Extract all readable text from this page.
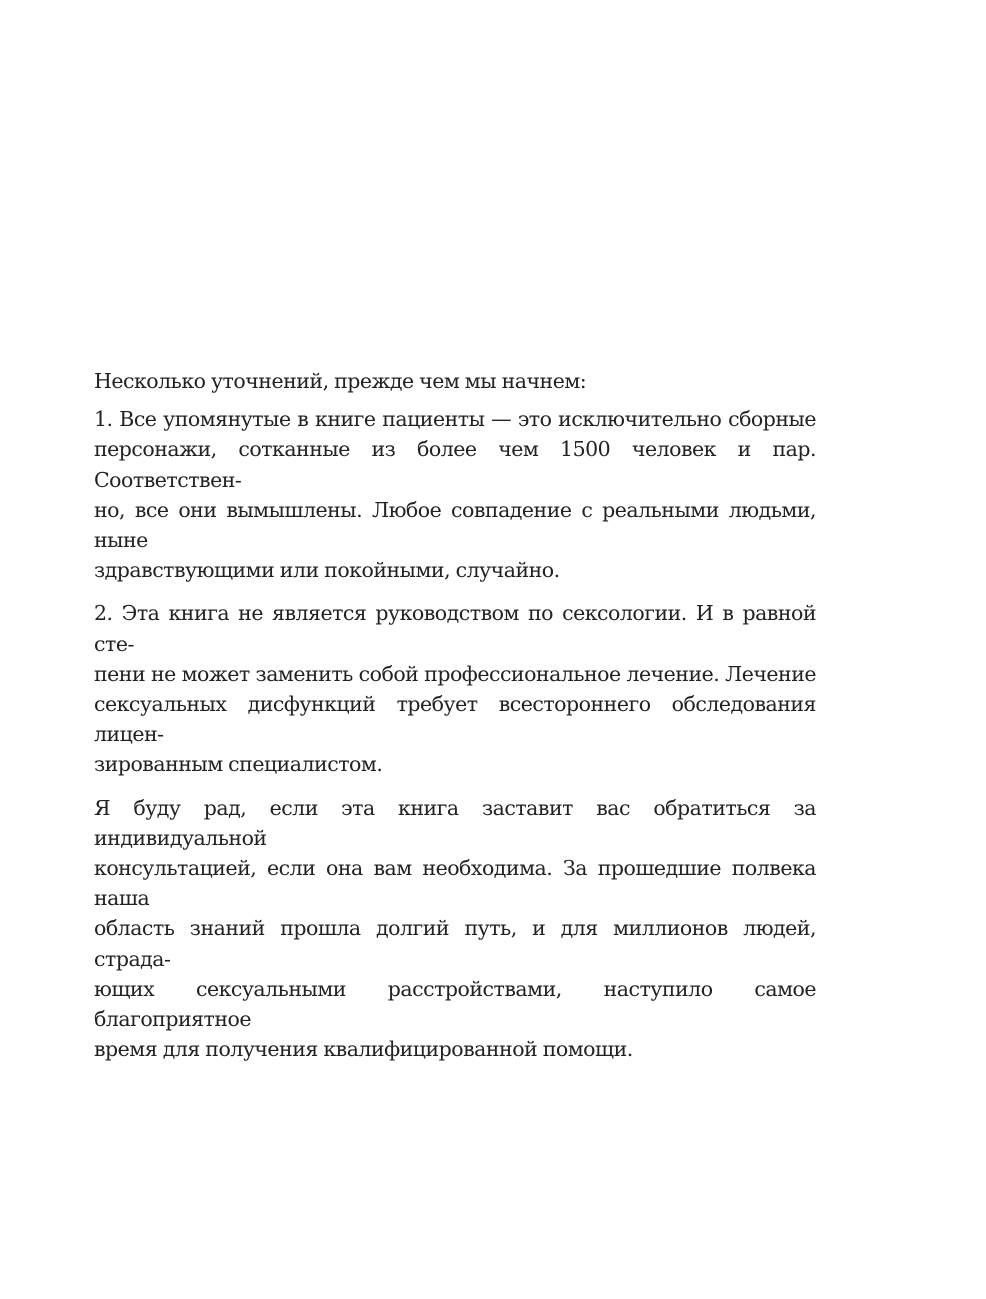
Несколько уточнений, прежде чем мы начнем:

1. Все упомянутые в книге пациенты — это исключительно сборные
персонажи, сотканные из более чем 1500 человек и пар. Соответствен-
но, все они вымышлены. Любое совпадение с реальными людьми, ныне
здравствующими или покойными, случайно.

2. Эта книга не является руководством по сексологии. И в равной сте-
пени не может заменить собой профессиональное лечение. Лечение
сексуальных дисфункций требует всестороннего обследования лицен-
зированным специалистом.

Я буду рад, если эта книга заставит вас обратиться за индивидуальной
консультацией, если она вам необходима. За прошедшие полвека наша
область знаний прошла долгий путь, и для миллионов людей, страда-
ющих сексуальными расстройствами, наступило самое благоприятное
время для получения квалифицированной помощи.
